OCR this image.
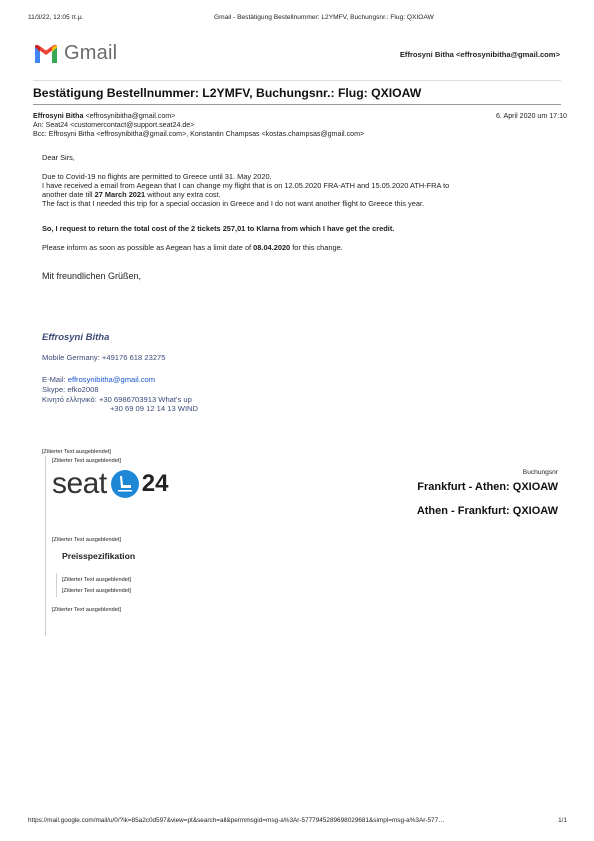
11/3/22, 12:05 π.μ.	Gmail - Bestätigung Bestellnummer: L2YMFV, Buchungsnr.: Flug: QXIOAW
Gmail	Effrosyni Bitha <effrosynibitha@gmail.com>
Bestätigung Bestellnummer: L2YMFV, Buchungsnr.: Flug: QXIOAW
Effrosyni Bitha <effrosynibitha@gmail.com>	6. April 2020 um 17:10
An: Seat24 <customercontact@support.seat24.de>
Bcc: Effrosyni Bitha <effrosynibitha@gmail.com>, Konstantin Champsas <kostas.champsas@gmail.com>
Dear Sirs,
Due to Covid-19 no flights are permitted to Greece until 31. May 2020.
I have received a email from Aegean that I can change my flight that is on 12.05.2020 FRA-ATH and 15.05.2020 ATH-FRA to
another date till 27 March 2021 without any extra cost.
The fact is that I needed this trip for a special occasion in Greece and I do not want another flight to Greece this year.
So, I request to return the total cost of the 2 tickets 257,01 to Klarna from which I have get the credit.
Please inform as soon as possible as Aegean has a limit date of 08.04.2020 for this change.
Mit freundlichen Grüßen,
Effrosyni Bitha
Mobile Germany: +49176 618 23275
E-Mail: effrosynibitha@gmail.com
Skype: efko2008
Κινητό ελληνικό: +30 6986703913 What's up
+30 69 09 12 14 13 WIND
[Zitierter Text ausgeblendet]
[Zitierter Text ausgeblendet]
seat 24	Buchungsnr
Frankfurt - Athen: QXIOAW
Athen - Frankfurt: QXIOAW
[Zitierter Text ausgeblendet]
Preisspezifikation
[Zitierter Text ausgeblendet]
[Zitierter Text ausgeblendet]
[Zitierter Text ausgeblendet]
https://mail.google.com/mail/u/0/?ik=85a2c0d597&view=pt&search=all&permmsgid=msg-a%3Ar-5777945289698029681&simpl=msg-a%3Ar-577…	1/1
